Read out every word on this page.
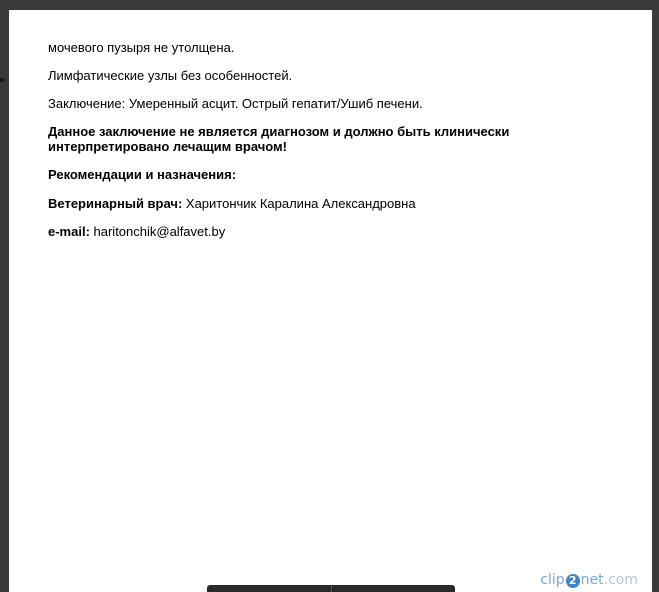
мочевого пузыря не утолщена.

Лимфатические узлы без особенностей.

Заключение: Умеренный асцит. Острый гепатит/Ушиб печени.

Данное заключение не является диагнозом и должно быть клинически
интерпретировано лечащим врачом!

Рекомендации и назначения:

Ветеринарный врач: Харитончик Каралина Александровна

e-mail: haritonchik@alfavet.by

clip 2 net.com
